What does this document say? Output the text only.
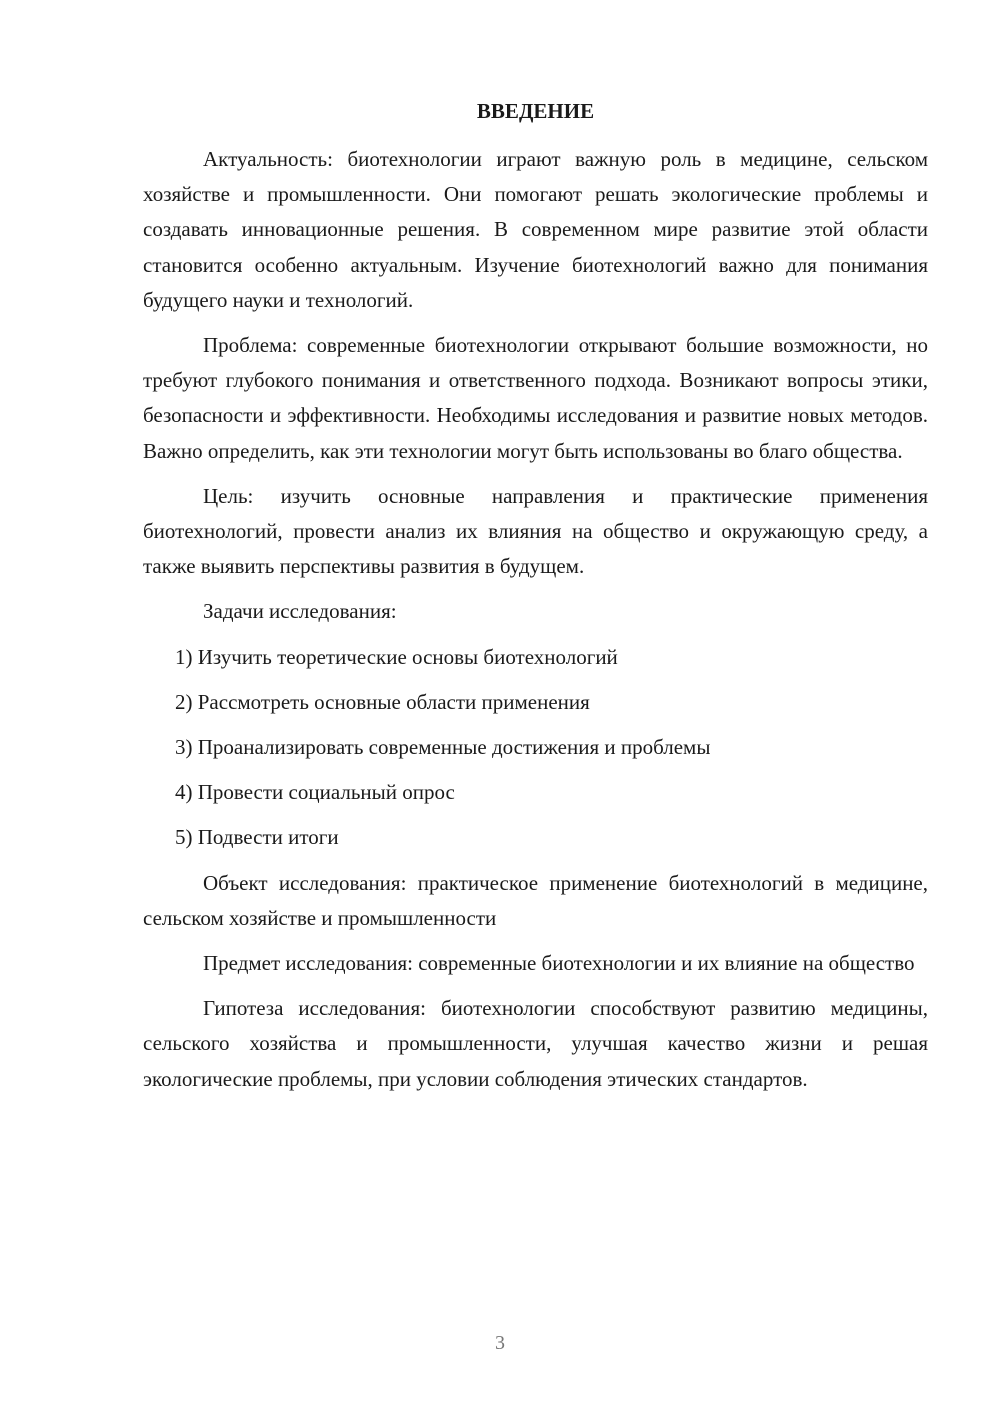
ВВЕДЕНИЕ

Актуальность: биотехнологии играют важную роль в медицине, сельском хозяйстве и промышленности. Они помогают решать экологические проблемы и создавать инновационные решения. В современном мире развитие этой области становится особенно актуальным. Изучение биотехнологий важно для понимания будущего науки и технологий.

Проблема: современные биотехнологии открывают большие возможности, но требуют глубокого понимания и ответственного подхода. Возникают вопросы этики, безопасности и эффективности. Необходимы исследования и развитие новых методов. Важно определить, как эти технологии могут быть использованы во благо общества.

Цель: изучить основные направления и практические применения биотехнологий, провести анализ их влияния на общество и окружающую среду, а также выявить перспективы развития в будущем.

Задачи исследования:

1) Изучить теоретические основы биотехнологий
2) Рассмотреть основные области применения
3) Проанализировать современные достижения и проблемы
4) Провести социальный опрос
5) Подвести итоги

Объект исследования: практическое применение биотехнологий в медицине, сельском хозяйстве и промышленности

Предмет исследования: современные биотехнологии и их влияние на общество

Гипотеза исследования: биотехнологии способствуют развитию медицины, сельского хозяйства и промышленности, улучшая качество жизни и решая экологические проблемы, при условии соблюдения этических стандартов.

3
